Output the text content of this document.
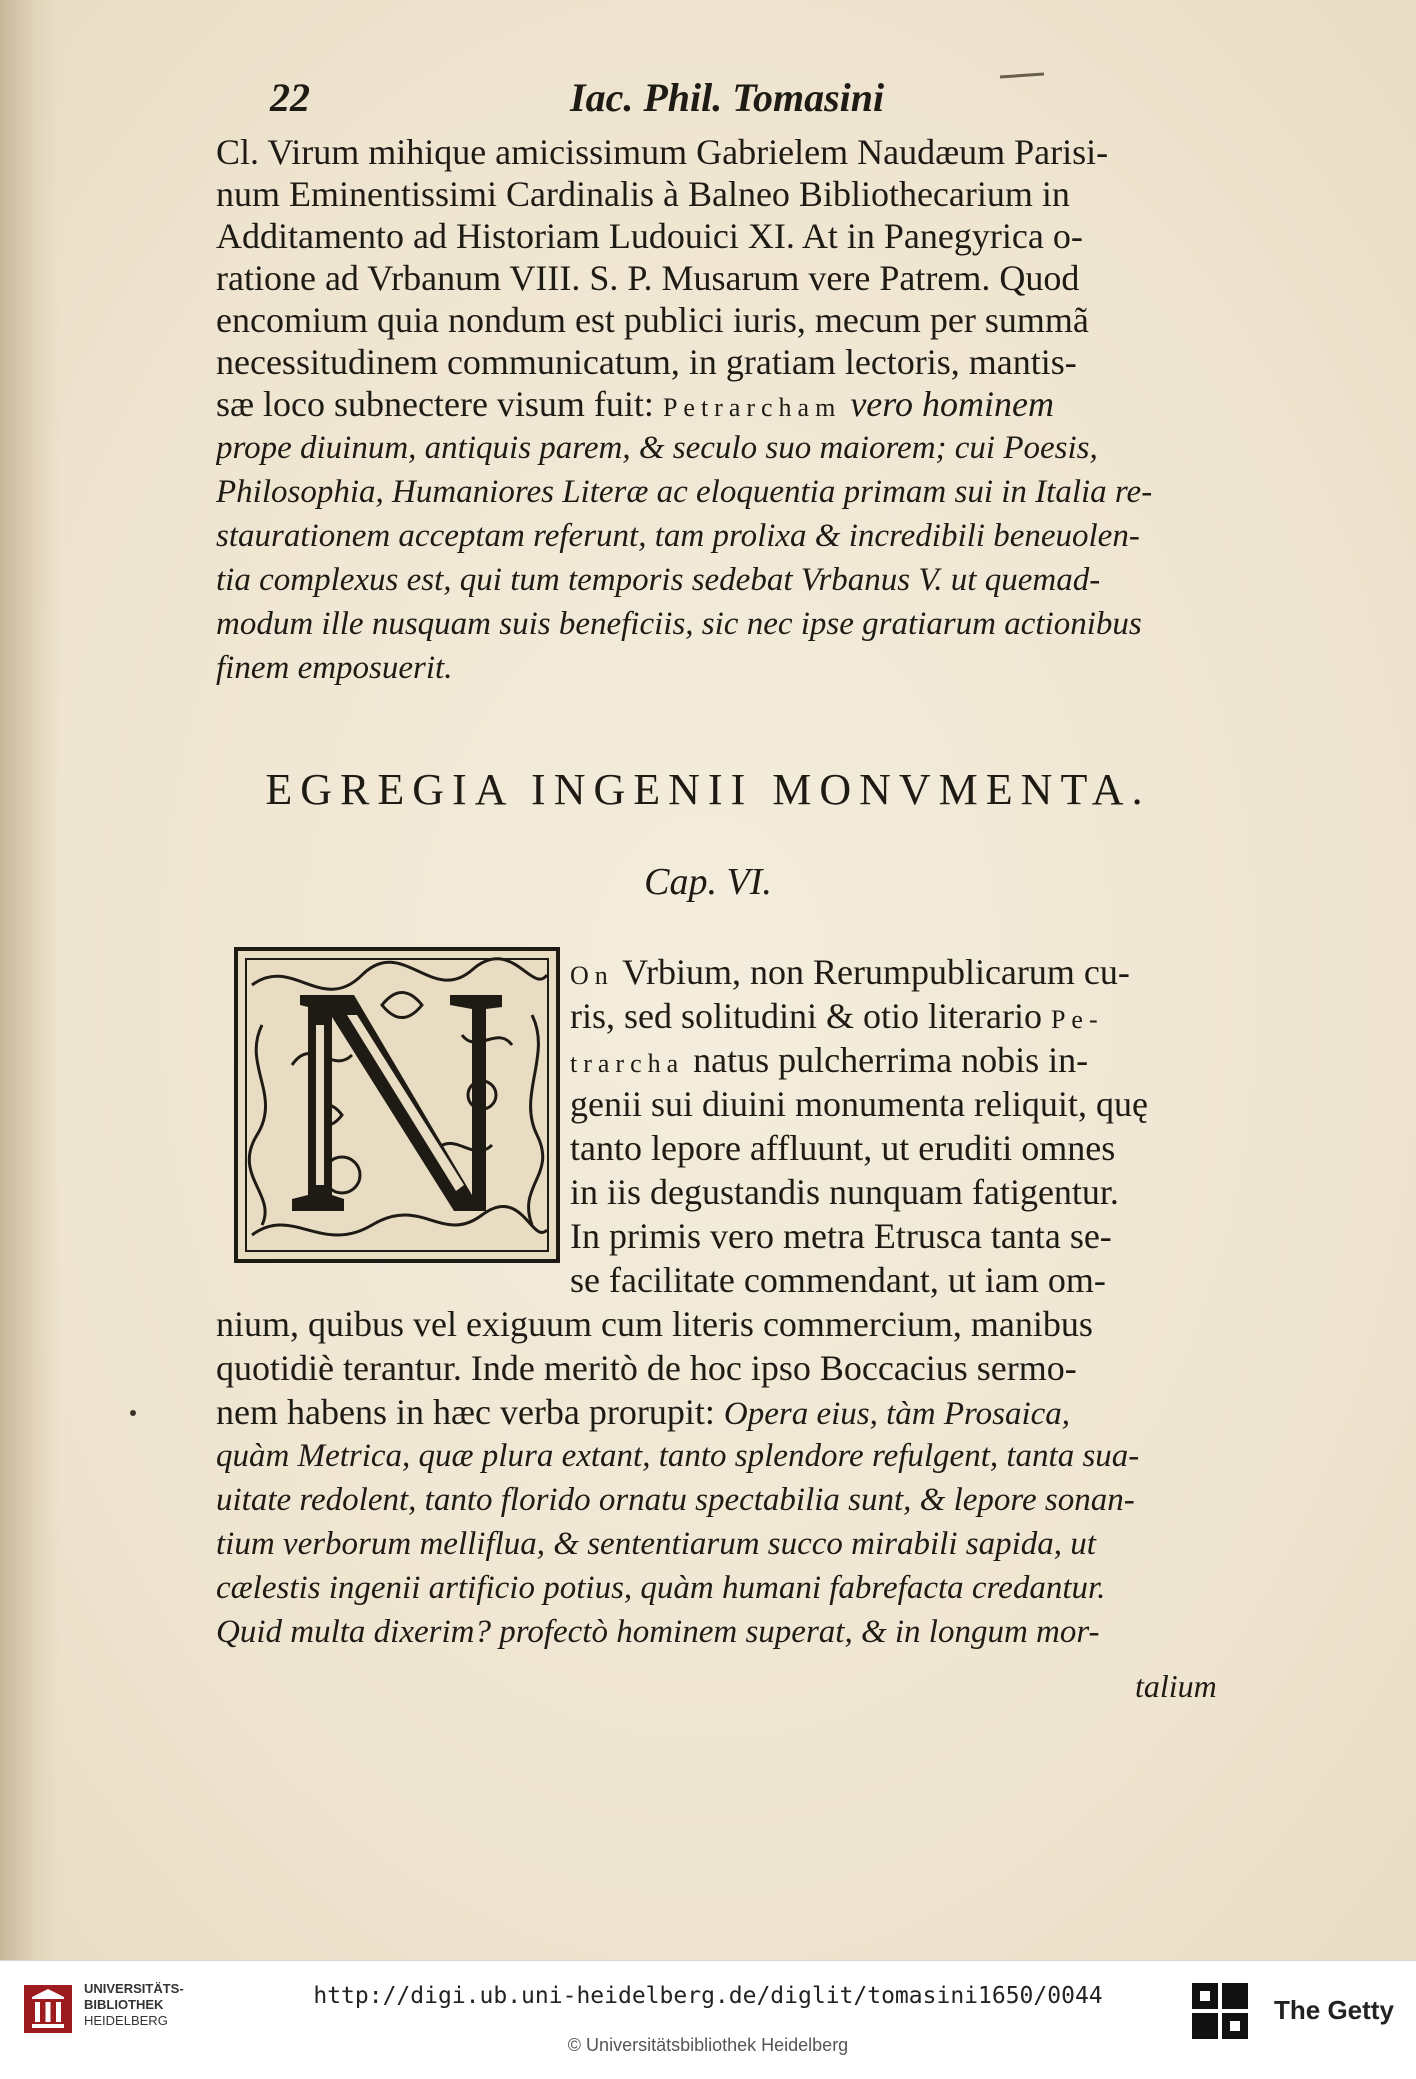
22	Iac. Phil. Tomasini
Cl. Virum mihique amicissimum Gabrielem Naudæum Parisi-
num Eminentissimi Cardinalis à Balneo Bibliothecarium in
Additamento ad Historiam Ludouici XI. At in Panegyrica o-
ratione ad Vrbanum VIII. S. P. Musarum vere Patrem. Quod
encomium quia nondum est publici iuris, mecum per summã
necessitudinem communicatum, in gratiam lectoris, mantis-
sæ loco subnectere visum fuit: Petrarcham vero hominem
prope diuinum, antiquis parem, & seculo suo maiorem; cui Poesis,
Philosophia, Humaniores Literæ ac eloquentia primam sui in Italia re-
staurationem acceptam referunt, tam prolixa & incredibili beneuolen-
tia complexus est, qui tum temporis sedebat Vrbanus V. ut quemad-
modum ille nusquam suis beneficiis, sic nec ipse gratiarum actionibus
finem emposuerit.
EGREGIA INGENII MONVMENTA.
Cap. VI.
On Vrbium, non Rerumpublicarum cu-
ris, sed solitudini & otio literario Pe-
trarcha natus pulcherrima nobis in-
genii sui diuini monumenta reliquit, quę
tanto lepore affluunt, ut eruditi omnes
in iis degustandis nunquam fatigentur.
In primis vero metra Etrusca tanta se-
se facilitate commendant, ut iam om-
nium, quibus vel exiguum cum literis commercium, manibus
quotidiè terantur. Inde meritò de hoc ipso Boccacius sermo-
nem habens in hæc verba prorupit: Opera eius, tàm Prosaica,
quàm Metrica, quæ plura extant, tanto splendore refulgent, tanta sua-
uitate redolent, tanto florido ornatu spectabilia sunt, & lepore sonan-
tium verborum melliflua, & sententiarum succo mirabili sapida, ut
cælestis ingenii artificio potius, quàm humani fabrefacta credantur.
Quid multa dixerim? profectò hominem superat, & in longum mor-
talium
UNIVERSITÄTS-
BIBLIOTHEK
HEIDELBERG
http://digi.ub.uni-heidelberg.de/diglit/tomasini1650/0044
© Universitätsbibliothek Heidelberg
The Getty
